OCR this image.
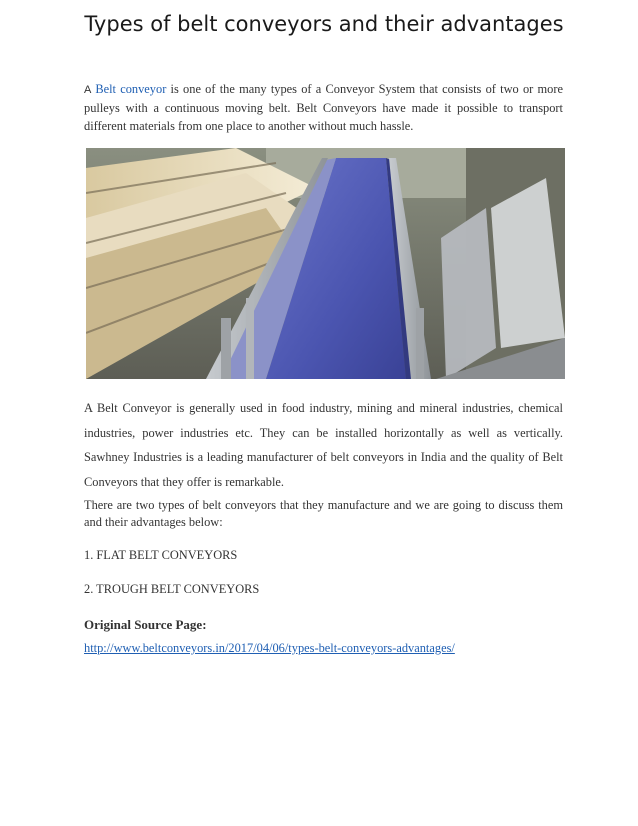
Types of belt conveyors and their advantages

A Belt conveyor is one of the many types of a Conveyor System that consists of two or more pulleys with a continuous moving belt. Belt Conveyors have made it possible to transport different materials from one place to another without much hassle.

A Belt Conveyor is generally used in food industry, mining and mineral industries, chemical industries, power industries etc. They can be installed horizontally as well as vertically. Sawhney Industries is a leading manufacturer of belt conveyors in India and the quality of Belt Conveyors that they offer is remarkable.

There are two types of belt conveyors that they manufacture and we are going to discuss them and their advantages below:

1. FLAT BELT CONVEYORS
2. TROUGH BELT CONVEYORS
Original Source Page:
http://www.beltconveyors.in/2017/04/06/types-belt-conveyors-advantages/
